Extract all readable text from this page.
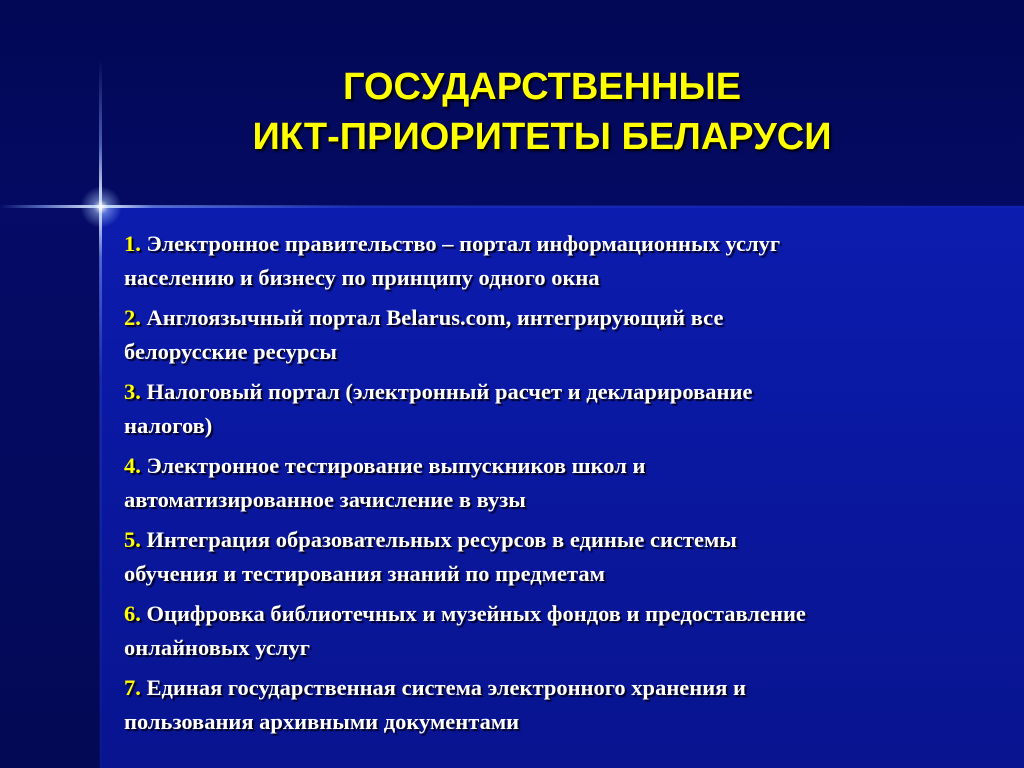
ГОСУДАРСТВЕННЫЕ
ИКТ-ПРИОРИТЕТЫ БЕЛАРУСИ
1. Электронное правительство – портал информационных услуг
населению и бизнесу по принципу одного окна
2. Англоязычный портал Belarus.com, интегрирующий все
белорусские ресурсы
3. Налоговый портал (электронный расчет и декларирование
налогов)
4. Электронное тестирование выпускников школ и
автоматизированное зачисление в вузы
5. Интеграция образовательных ресурсов в единые системы
обучения и тестирования знаний по предметам
6. Оцифровка библиотечных и музейных фондов и предоставление
онлайновых услуг
7. Единая государственная система электронного хранения и
пользования архивными документами
